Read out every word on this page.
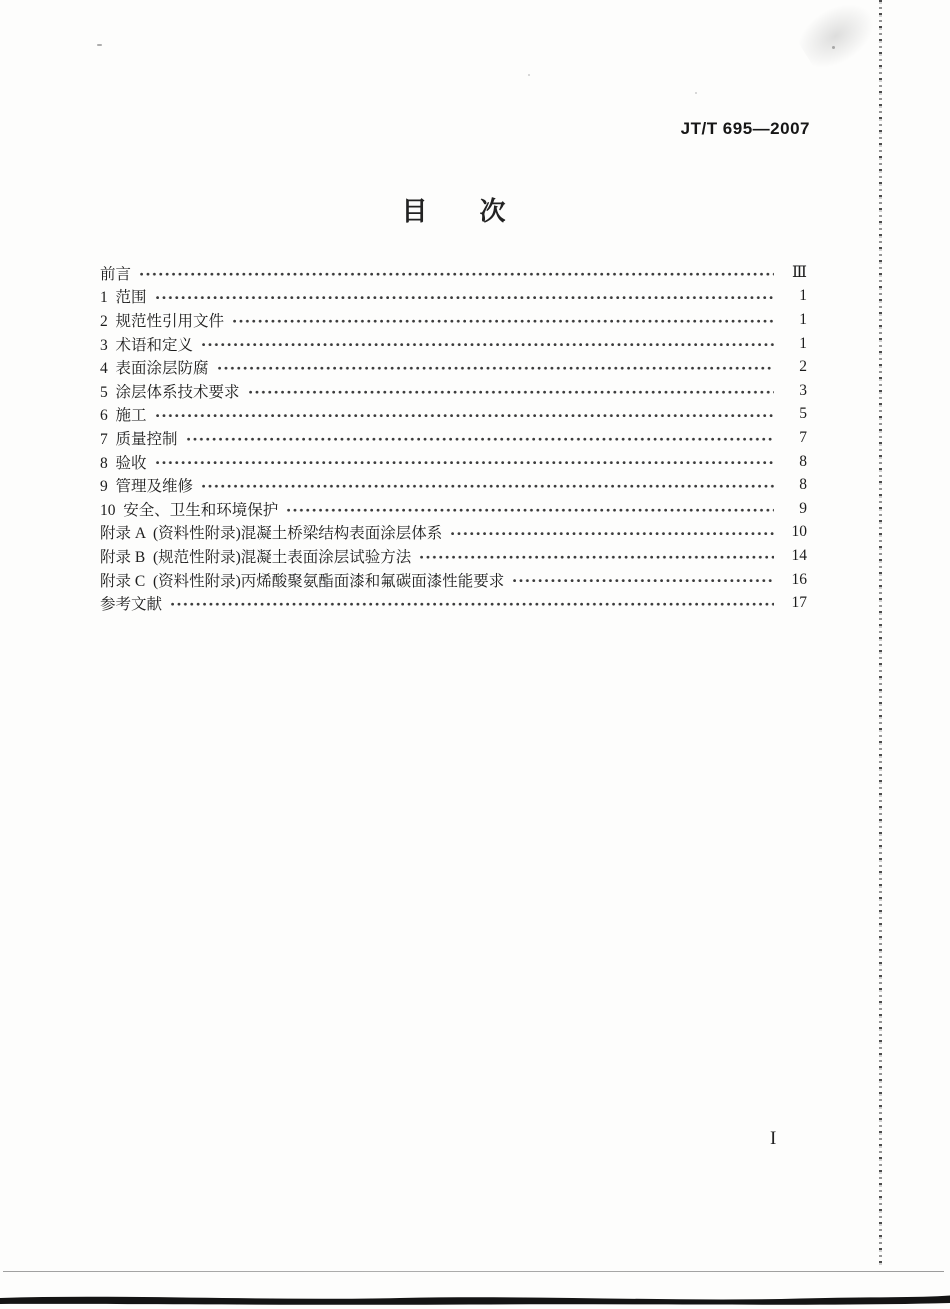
JT/T 695—2007
目　　次
前言	Ⅲ
1  范围	1
2  规范性引用文件	1
3  术语和定义	1
4  表面涂层防腐	2
5  涂层体系技术要求	3
6  施工	5
7  质量控制	7
8  验收	8
9  管理及维修	8
10  安全、卫生和环境保护	9
附录 A  (资料性附录)混凝土桥梁结构表面涂层体系	10
附录 B  (规范性附录)混凝土表面涂层试验方法	14
附录 C  (资料性附录)丙烯酸聚氨酯面漆和氟碳面漆性能要求	16
参考文献	17
I
